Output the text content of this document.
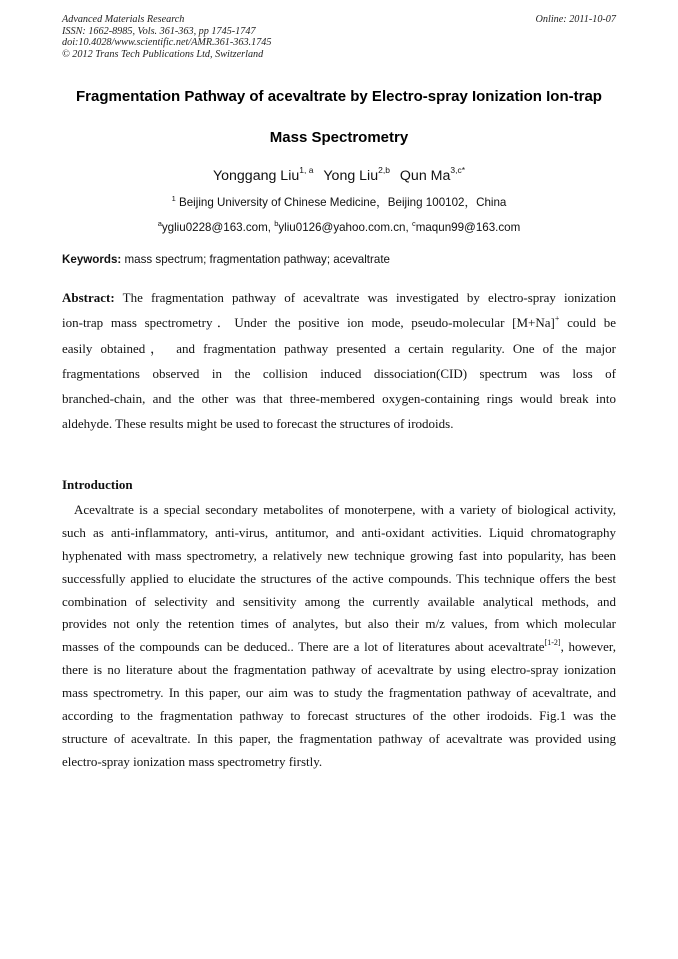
Advanced Materials Research	Online: 2011-10-07
ISSN: 1662-8985, Vols. 361-363, pp 1745-1747
doi:10.4028/www.scientific.net/AMR.361-363.1745
© 2012 Trans Tech Publications Ltd, Switzerland
Fragmentation Pathway of acevaltrate by Electro-spray Ionization Ion-trap
Mass Spectrometry
Yonggang Liu$^{1, a}$ Yong Liu$^{2,b}$ Qun $Ma^{3,c*}$
$^1$ Beijing University of Chinese Medicine，Beijing 100102，China
$^a$ygliu0228@163.com, $^b$yliu0126@yahoo.com.cn, $^c$maqun99@163.com
Keywords: mass spectrum; fragmentation pathway; acevaltrate
Abstract: The fragmentation pathway of acevaltrate was investigated by electro-spray ionization
ion-trap mass spectrometry．Under the positive ion mode, pseudo-molecular [M+Na]+ could be
easily obtained， and fragmentation pathway presented a certain regularity. One of the major
fragmentations observed in the collision induced dissociation(CID) spectrum was loss of
branched-chain, and the other was that three-membered oxygen-containing rings would break into
aldehyde. These results might be used to forecast the structures of irodoids.
Introduction
Acevaltrate is a special secondary metabolites of monoterpene, with a variety of biological activity,
such as anti-inflammatory, anti-virus, antitumor, and anti-oxidant activities. Liquid chromatography
hyphenated with mass spectrometry, a relatively new technique growing fast into popularity, has been
successfully applied to elucidate the structures of the active compounds. This technique offers the best
combination of selectivity and sensitivity among the currently available analytical methods, and
provides not only the retention times of analytes, but also their m/z values, from which molecular
masses of the compounds can be deduced.. There are a lot of literatures about acevaltrate[1-2], however,
there is no literature about the fragmentation pathway of acevaltrate by using electro-spray ionization
mass spectrometry. In this paper, our aim was to study the fragmentation pathway of acevaltrate, and
according to the fragmentation pathway to forecast structures of the other irodoids. Fig.1 was the
structure of acevaltrate. In this paper, the fragmentation pathway of acevaltrate was provided using
electro-spray ionization mass spectrometry firstly.
